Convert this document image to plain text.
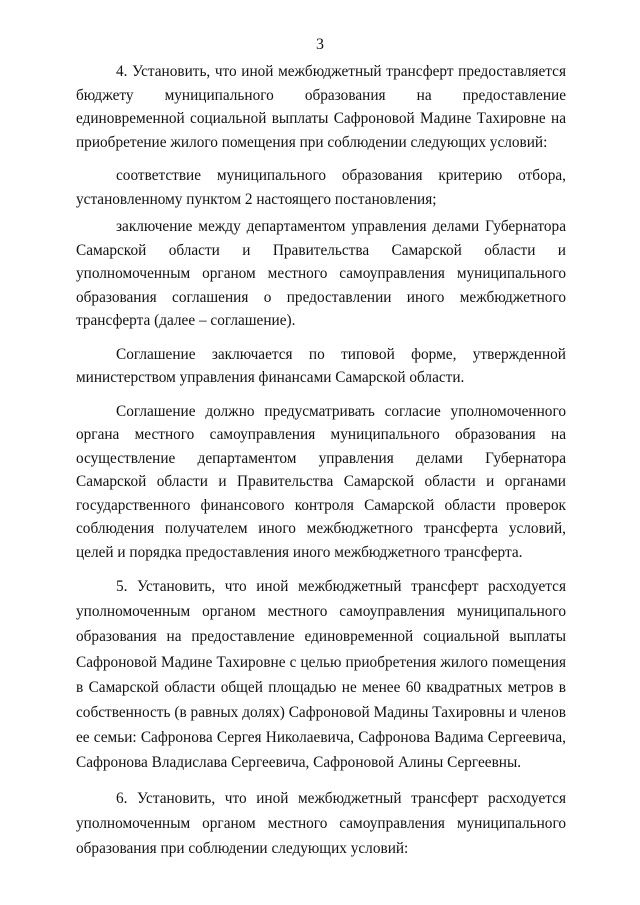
3

4. Установить, что иной межбюджетный трансферт предоставляется бюджету муниципального образования на предоставление единовременной социальной выплаты Сафроновой Мадине Тахировне на приобретение жилого помещения при соблюдении следующих условий:

соответствие муниципального образования критерию отбора, установленному пунктом 2 настоящего постановления;

заключение между департаментом управления делами Губернатора Самарской области и Правительства Самарской области и уполномоченным органом местного самоуправления муниципального образования соглашения о предоставлении иного межбюджетного трансферта (далее – соглашение).

Соглашение заключается по типовой форме, утвержденной министерством управления финансами Самарской области.

Соглашение должно предусматривать согласие уполномоченного органа местного самоуправления муниципального образования на осуществление департаментом управления делами Губернатора Самарской области и Правительства Самарской области и органами государственного финансового контроля Самарской области проверок соблюдения получателем иного межбюджетного трансферта условий, целей и порядка предоставления иного межбюджетного трансферта.

5. Установить, что иной межбюджетный трансферт расходуется уполномоченным органом местного самоуправления муниципального образования на предоставление единовременной социальной выплаты Сафроновой Мадине Тахировне с целью приобретения жилого помещения в Самарской области общей площадью не менее 60 квадратных метров в собственность (в равных долях) Сафроновой Мадины Тахировны и членов ее семьи: Сафронова Сергея Николаевича, Сафронова Вадима Сергеевича, Сафронова Владислава Сергеевича, Сафроновой Алины Сергеевны.

6. Установить, что иной межбюджетный трансферт расходуется уполномоченным органом местного самоуправления муниципального образования при соблюдении следующих условий:
